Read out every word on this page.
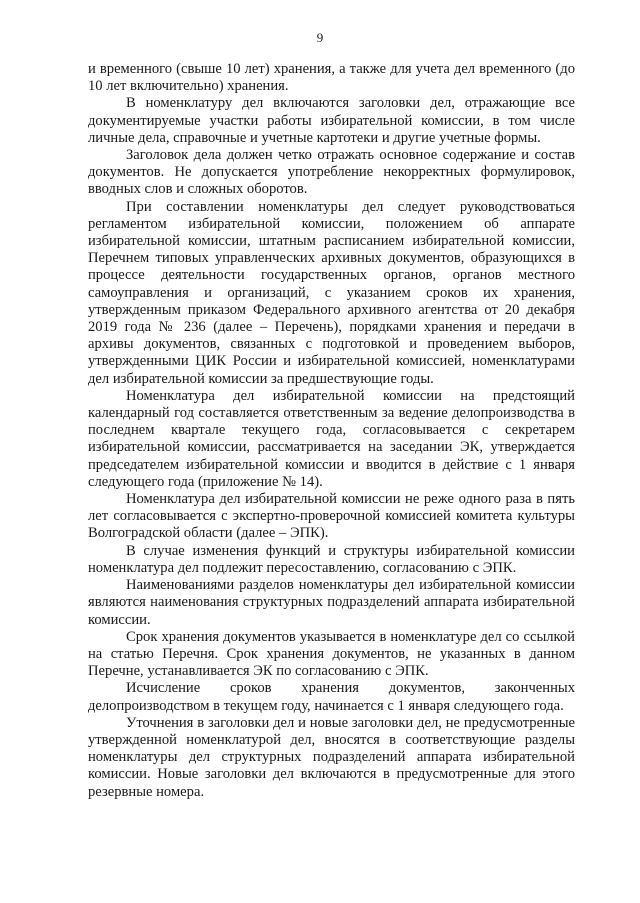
9

и временного (свыше 10 лет) хранения, а также для учета дел временного (до 10 лет включительно) хранения.

В номенклатуру дел включаются заголовки дел, отражающие все документируемые участки работы избирательной комиссии, в том числе личные дела, справочные и учетные картотеки и другие учетные формы.

Заголовок дела должен четко отражать основное содержание и состав документов. Не допускается употребление некорректных формулировок, вводных слов и сложных оборотов.

При составлении номенклатуры дел следует руководствоваться регламентом избирательной комиссии, положением об аппарате избирательной комиссии, штатным расписанием избирательной комиссии, Перечнем типовых управленческих архивных документов, образующихся в процессе деятельности государственных органов, органов местного самоуправления и организаций, с указанием сроков их хранения, утвержденным приказом Федерального архивного агентства от 20 декабря 2019 года № 236 (далее – Перечень), порядками хранения и передачи в архивы документов, связанных с подготовкой и проведением выборов, утвержденными ЦИК России и избирательной комиссией, номенклатурами дел избирательной комиссии за предшествующие годы.

Номенклатура дел избирательной комиссии на предстоящий календарный год составляется ответственным за ведение делопроизводства в последнем квартале текущего года, согласовывается с секретарем избирательной комиссии, рассматривается на заседании ЭК, утверждается председателем избирательной комиссии и вводится в действие с 1 января следующего года (приложение № 14).

Номенклатура дел избирательной комиссии не реже одного раза в пять лет согласовывается с экспертно-проверочной комиссией комитета культуры Волгоградской области (далее – ЭПК).

В случае изменения функций и структуры избирательной комиссии номенклатура дел подлежит пересоставлению, согласованию с ЭПК.

Наименованиями разделов номенклатуры дел избирательной комиссии являются наименования структурных подразделений аппарата избирательной комиссии.

Срок хранения документов указывается в номенклатуре дел со ссылкой на статью Перечня. Срок хранения документов, не указанных в данном Перечне, устанавливается ЭК по согласованию с ЭПК.

Исчисление сроков хранения документов, законченных делопроизводством в текущем году, начинается с 1 января следующего года.

Уточнения в заголовки дел и новые заголовки дел, не предусмотренные утвержденной номенклатурой дел, вносятся в соответствующие разделы номенклатуры дел структурных подразделений аппарата избирательной комиссии. Новые заголовки дел включаются в предусмотренные для этого резервные номера.
